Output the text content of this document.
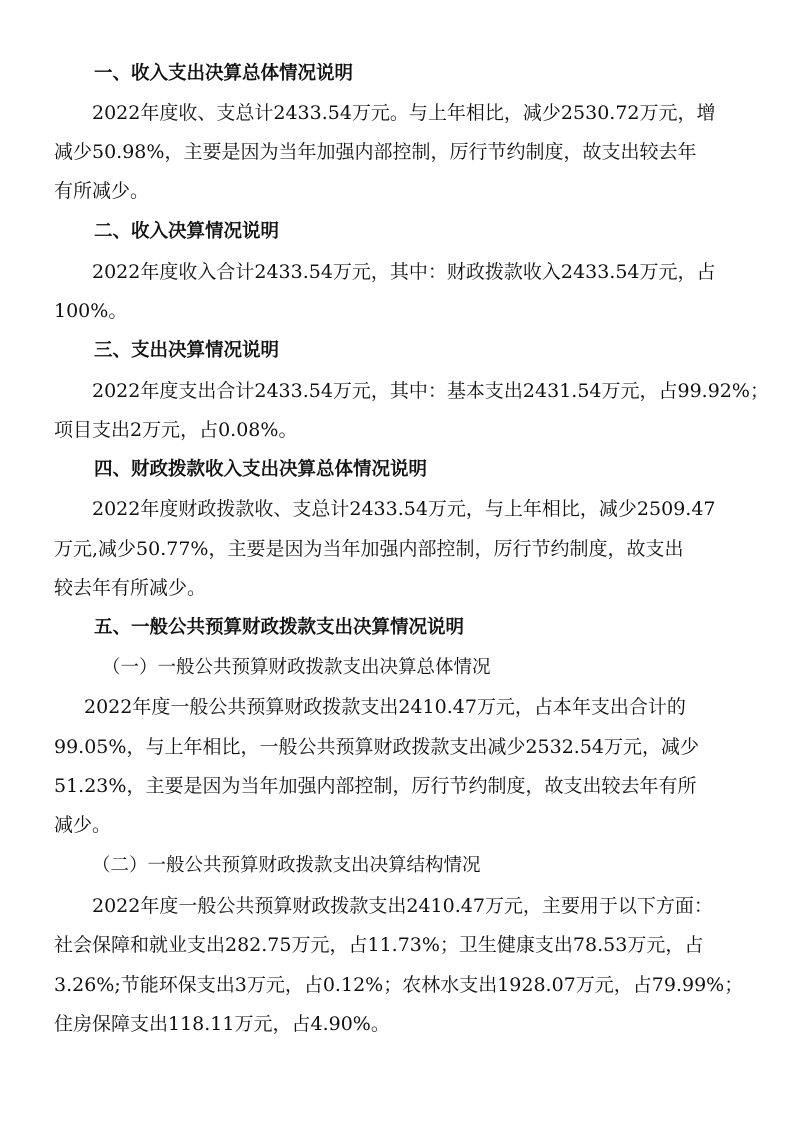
一、收入支出决算总体情况说明
2022年度收、支总计2433.54万元。与上年相比，减少2530.72万元，增
减少50.98%，主要是因为当年加强内部控制，厉行节约制度，故支出较去年
有所减少。
二、收入决算情况说明
2022年度收入合计2433.54万元，其中：财政拨款收入2433.54万元，占
100%。
三、支出决算情况说明
2022年度支出合计2433.54万元，其中：基本支出2431.54万元，占99.92%；
项目支出2万元，占0.08%。
四、财政拨款收入支出决算总体情况说明
2022年度财政拨款收、支总计2433.54万元，与上年相比，减少2509.47
万元,减少50.77%，主要是因为当年加强内部控制，厉行节约制度，故支出
较去年有所减少。
五、一般公共预算财政拨款支出决算情况说明
（一）一般公共预算财政拨款支出决算总体情况
2022年度一般公共预算财政拨款支出2410.47万元，占本年支出合计的
99.05%，与上年相比，一般公共预算财政拨款支出减少2532.54万元，减少
51.23%，主要是因为当年加强内部控制，厉行节约制度，故支出较去年有所
减少。
（二）一般公共预算财政拨款支出决算结构情况
2022年度一般公共预算财政拨款支出2410.47万元，主要用于以下方面：
社会保障和就业支出282.75万元，占11.73%；卫生健康支出78.53万元，占
3.26%;节能环保支出3万元，占0.12%；农林水支出1928.07万元，占79.99%；
住房保障支出118.11万元，占4.90%。
